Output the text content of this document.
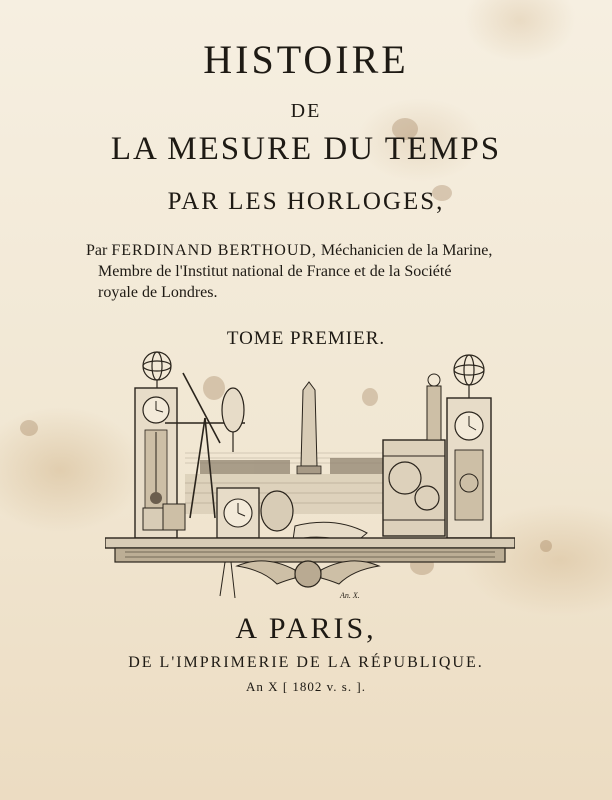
HISTOIRE
DE
LA MESURE DU TEMPS
PAR LES HORLOGES,
Par FERDINAND BERTHOUD, Méchanicien de la Marine,
Membre de l'Institut national de France et de la Société
royale de Londres.
TOME PREMIER.
An. X.
A PARIS,
DE L'IMPRIMERIE DE LA RÉPUBLIQUE.
An X [ 1802 v. s. ].
